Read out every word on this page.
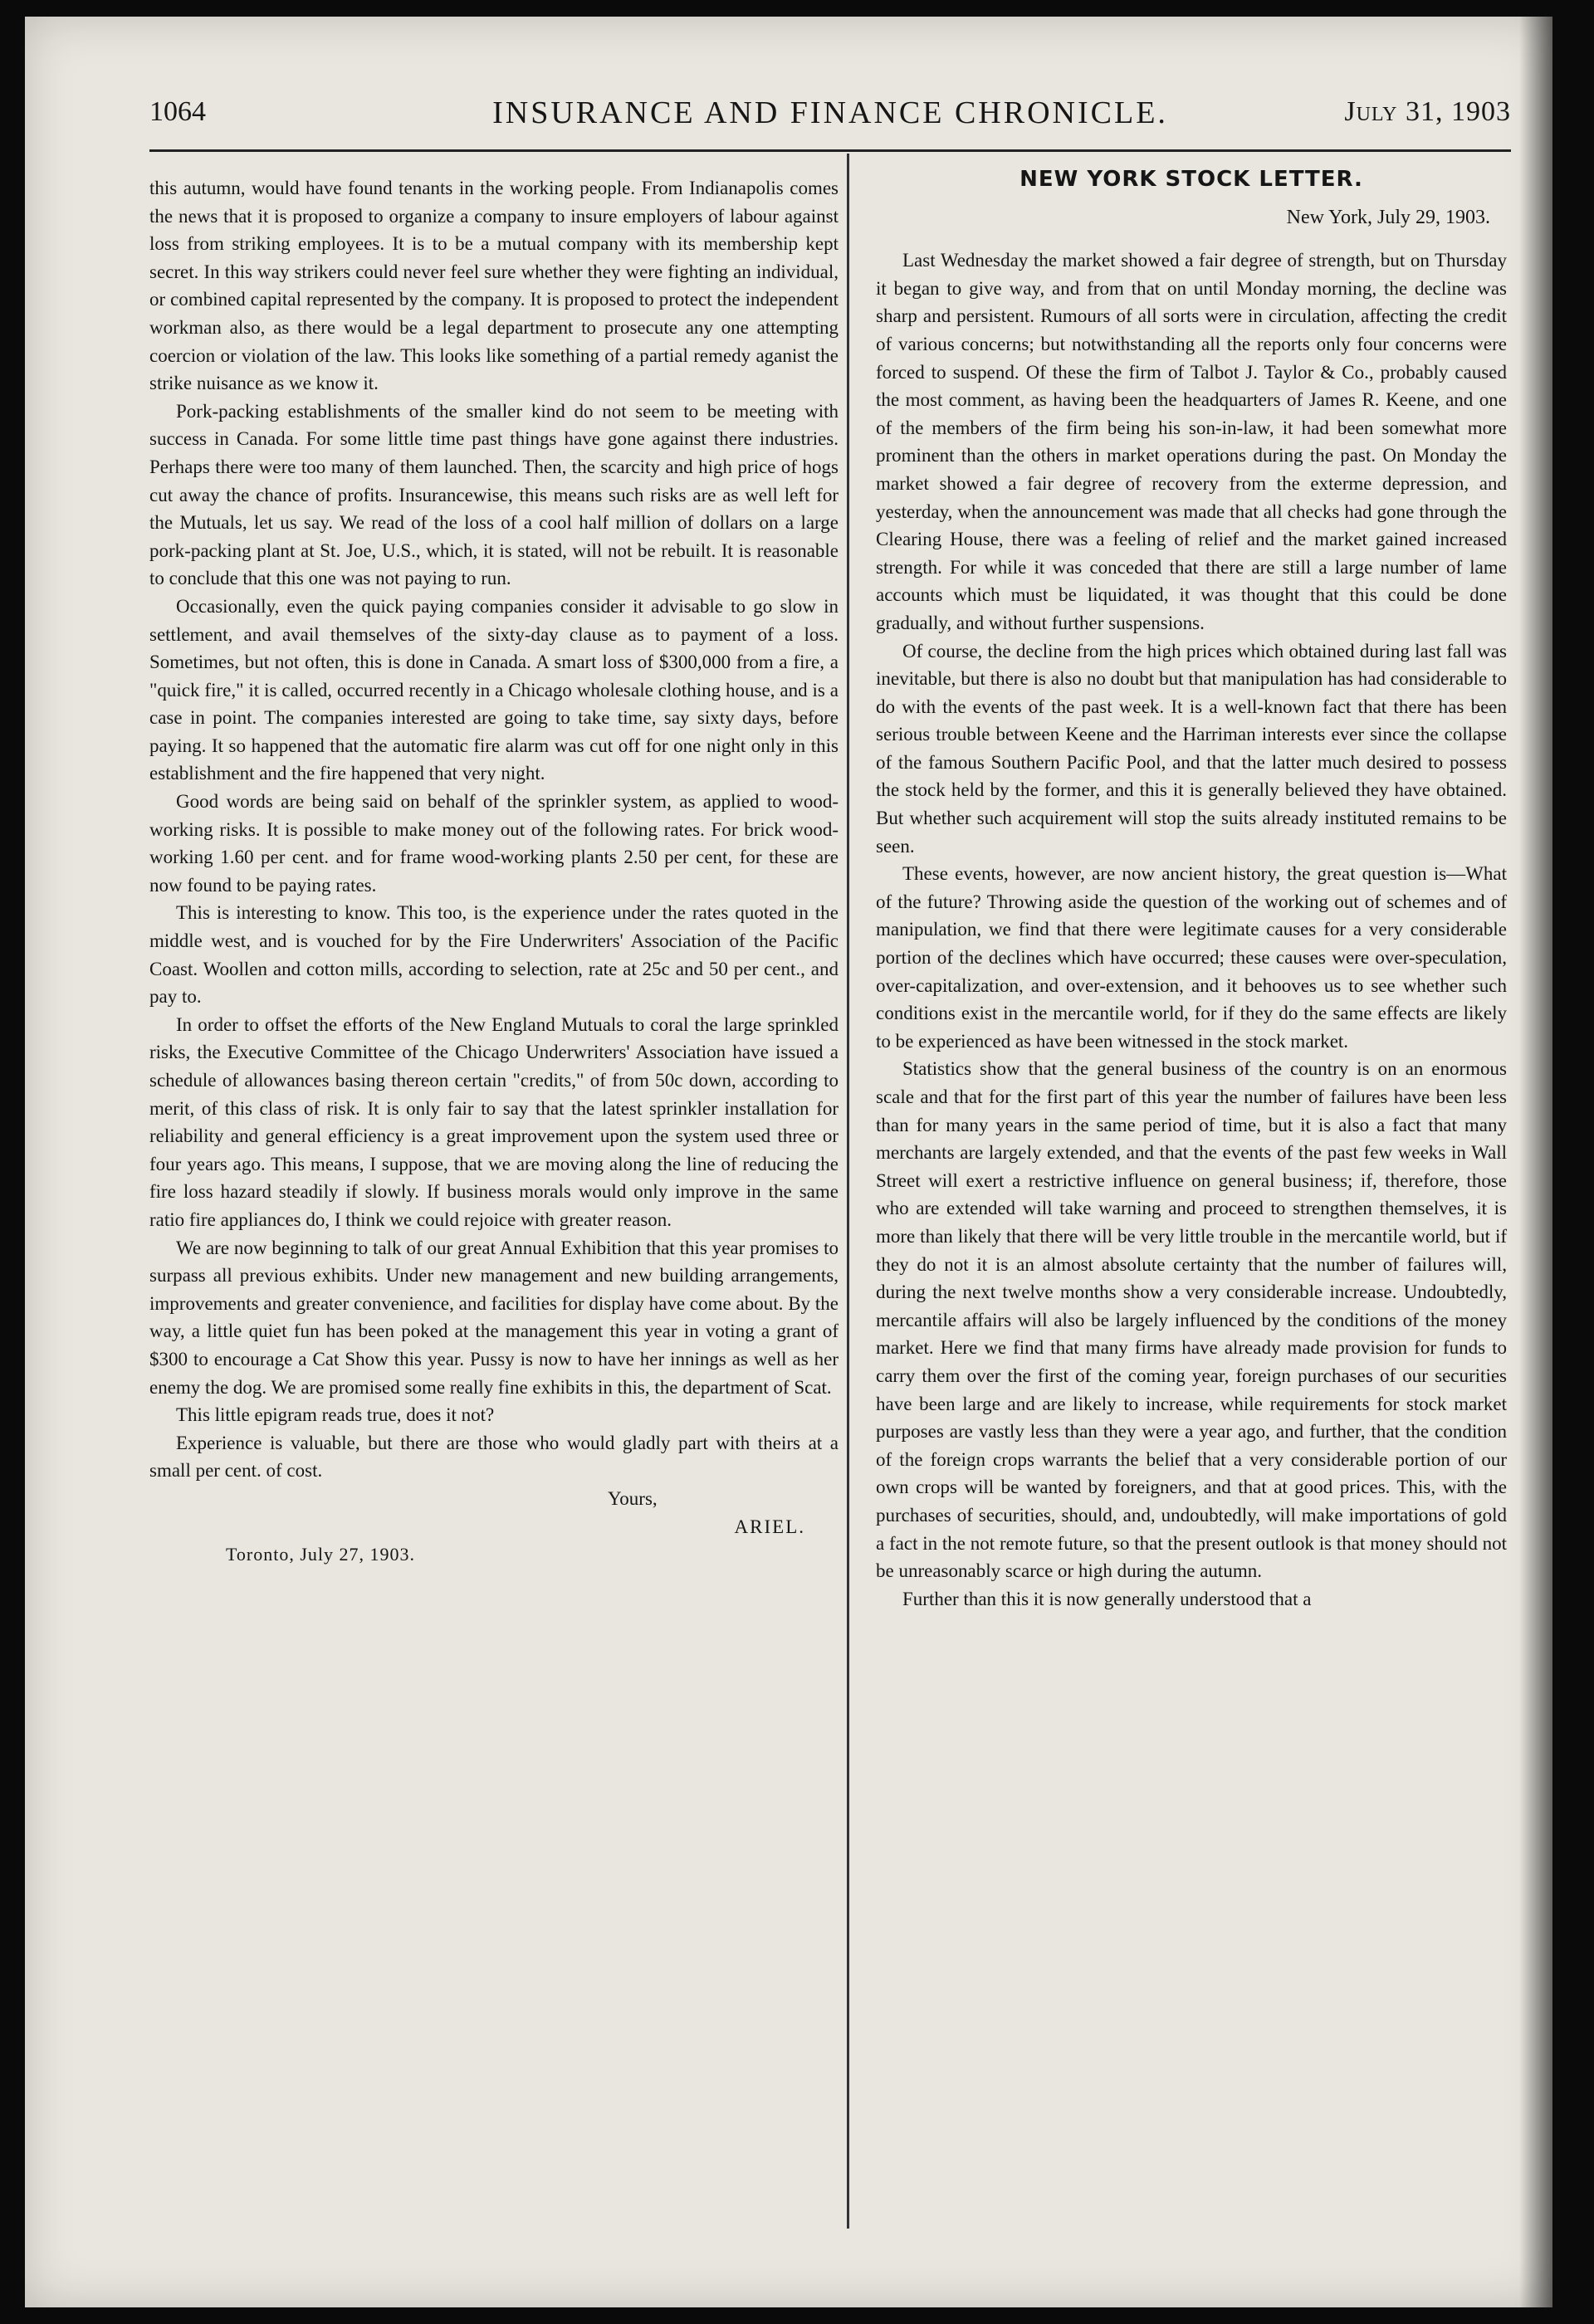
1064	INSURANCE AND FINANCE CHRONICLE.	July 31, 1903

this autumn, would have found tenants in the working people. From Indianapolis comes the news that it is proposed to organize a company to insure employers of labour against loss from striking employees. It is to be a mutual company with its membership kept secret. In this way strikers could never feel sure whether they were fighting an individual, or combined capital represented by the company. It is proposed to protect the independent workman also, as there would be a legal department to prosecute any one attempting coercion or violation of the law. This looks like something of a partial remedy aganist the strike nuisance as we know it.

Pork-packing establishments of the smaller kind do not seem to be meeting with success in Canada. For some little time past things have gone against there industries. Perhaps there were too many of them launched. Then, the scarcity and high price of hogs cut away the chance of profits. Insurancewise, this means such risks are as well left for the Mutuals, let us say. We read of the loss of a cool half million of dollars on a large pork-packing plant at St. Joe, U.S., which, it is stated, will not be rebuilt. It is reasonable to conclude that this one was not paying to run.

Occasionally, even the quick paying companies consider it advisable to go slow in settlement, and avail themselves of the sixty-day clause as to payment of a loss. Sometimes, but not often, this is done in Canada. A smart loss of $300,000 from a fire, a "quick fire," it is called, occurred recently in a Chicago wholesale clothing house, and is a case in point. The companies interested are going to take time, say sixty days, before paying. It so happened that the automatic fire alarm was cut off for one night only in this establishment and the fire happened that very night.

Good words are being said on behalf of the sprinkler system, as applied to wood-working risks. It is possible to make money out of the following rates. For brick wood-working 1.60 per cent. and for frame wood-working plants 2.50 per cent, for these are now found to be paying rates.

This is interesting to know. This too, is the experience under the rates quoted in the middle west, and is vouched for by the Fire Underwriters' Association of the Pacific Coast. Woollen and cotton mills, according to selection, rate at 25c and 50 per cent., and pay to.

In order to offset the efforts of the New England Mutuals to coral the large sprinkled risks, the Executive Committee of the Chicago Underwriters' Association have issued a schedule of allowances basing thereon certain "credits," of from 50c down, according to merit, of this class of risk. It is only fair to say that the latest sprinkler installation for reliability and general efficiency is a great improvement upon the system used three or four years ago. This means, I suppose, that we are moving along the line of reducing the fire loss hazard steadily if slowly. If business morals would only improve in the same ratio fire appliances do, I think we could rejoice with greater reason.

We are now beginning to talk of our great Annual Exhibition that this year promises to surpass all previous exhibits. Under new management and new building arrangements, improvements and greater convenience, and facilities for display have come about. By the way, a little quiet fun has been poked at the management this year in voting a grant of $300 to encourage a Cat Show this year. Pussy is now to have her innings as well as her enemy the dog. We are promised some really fine exhibits in this, the department of Scat.

This little epigram reads true, does it not?

Experience is valuable, but there are those who would gladly part with theirs at a small per cent. of cost.

Yours,

ARIEL.

Toronto, July 27, 1903.

NEW YORK STOCK LETTER.
New York, July 29, 1903.

Last Wednesday the market showed a fair degree of strength, but on Thursday it began to give way, and from that on until Monday morning, the decline was sharp and persistent. Rumours of all sorts were in circulation, affecting the credit of various concerns; but notwithstanding all the reports only four concerns were forced to suspend. Of these the firm of Talbot J. Taylor & Co., probably caused the most comment, as having been the headquarters of James R. Keene, and one of the members of the firm being his son-in-law, it had been somewhat more prominent than the others in market operations during the past. On Monday the market showed a fair degree of recovery from the exterme depression, and yesterday, when the announcement was made that all checks had gone through the Clearing House, there was a feeling of relief and the market gained increased strength. For while it was conceded that there are still a large number of lame accounts which must be liquidated, it was thought that this could be done gradually, and without further suspensions.

Of course, the decline from the high prices which obtained during last fall was inevitable, but there is also no doubt but that manipulation has had considerable to do with the events of the past week. It is a well-known fact that there has been serious trouble between Keene and the Harriman interests ever since the collapse of the famous Southern Pacific Pool, and that the latter much desired to possess the stock held by the former, and this it is generally believed they have obtained. But whether such acquirement will stop the suits already instituted remains to be seen.

These events, however, are now ancient history, the great question is—What of the future? Throwing aside the question of the working out of schemes and of manipulation, we find that there were legitimate causes for a very considerable portion of the declines which have occurred; these causes were over-speculation, over-capitalization, and over-extension, and it behooves us to see whether such conditions exist in the mercantile world, for if they do the same effects are likely to be experienced as have been witnessed in the stock market.

Statistics show that the general business of the country is on an enormous scale and that for the first part of this year the number of failures have been less than for many years in the same period of time, but it is also a fact that many merchants are largely extended, and that the events of the past few weeks in Wall Street will exert a restrictive influence on general business; if, therefore, those who are extended will take warning and proceed to strengthen themselves, it is more than likely that there will be very little trouble in the mercantile world, but if they do not it is an almost absolute certainty that the number of failures will, during the next twelve months show a very considerable increase. Undoubtedly, mercantile affairs will also be largely influenced by the conditions of the money market. Here we find that many firms have already made provision for funds to carry them over the first of the coming year, foreign purchases of our securities have been large and are likely to increase, while requirements for stock market purposes are vastly less than they were a year ago, and further, that the condition of the foreign crops warrants the belief that a very considerable portion of our own crops will be wanted by foreigners, and that at good prices. This, with the purchases of securities, should, and, undoubtedly, will make importations of gold a fact in the not remote future, so that the present outlook is that money should not be unreasonably scarce or high during the autumn.

Further than this it is now generally understood that a
